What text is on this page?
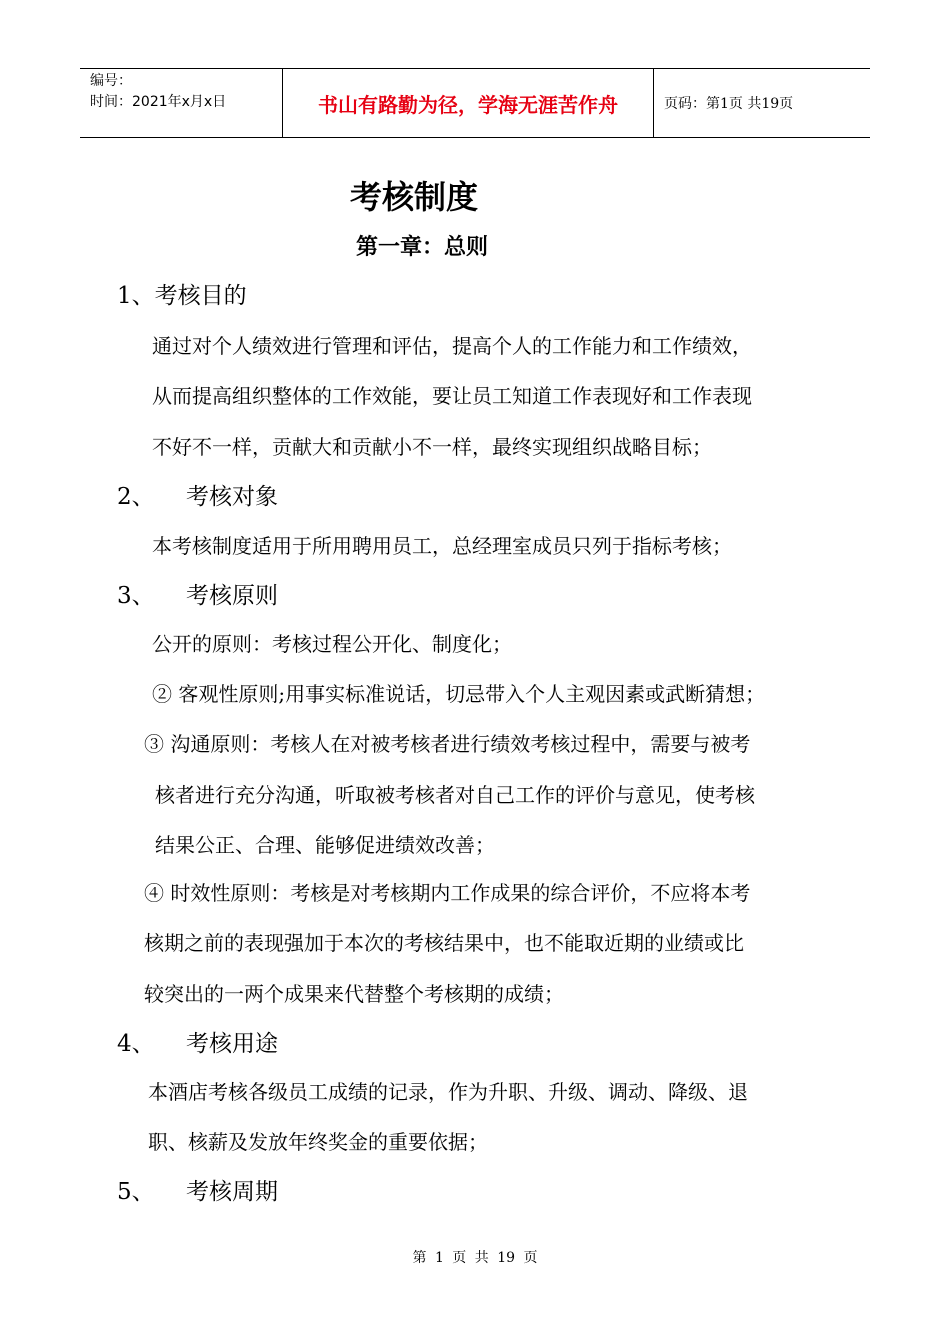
编号：
时间：2021年x月x日	书山有路勤为径，学海无涯苦作舟	页码：第1页 共19页
考核制度
第一章：总则
1、考核目的
通过对个人绩效进行管理和评估，提高个人的工作能力和工作绩效，
从而提高组织整体的工作效能，要让员工知道工作表现好和工作表现
不好不一样，贡献大和贡献小不一样，最终实现组织战略目标；
2、 考核对象
本考核制度适用于所用聘用员工，总经理室成员只列于指标考核；
3、 考核原则
公开的原则：考核过程公开化、制度化；
② 客观性原则;用事实标准说话，切忌带入个人主观因素或武断猜想；
③ 沟通原则：考核人在对被考核者进行绩效考核过程中，需要与被考
核者进行充分沟通，听取被考核者对自己工作的评价与意见，使考核
结果公正、合理、能够促进绩效改善；
④ 时效性原则：考核是对考核期内工作成果的综合评价，不应将本考
核期之前的表现强加于本次的考核结果中，也不能取近期的业绩或比
较突出的一两个成果来代替整个考核期的成绩；
4、 考核用途
本酒店考核各级员工成绩的记录，作为升职、升级、调动、降级、退
职、核薪及发放年终奖金的重要依据；
5、 考核周期
第 1 页 共 19 页
